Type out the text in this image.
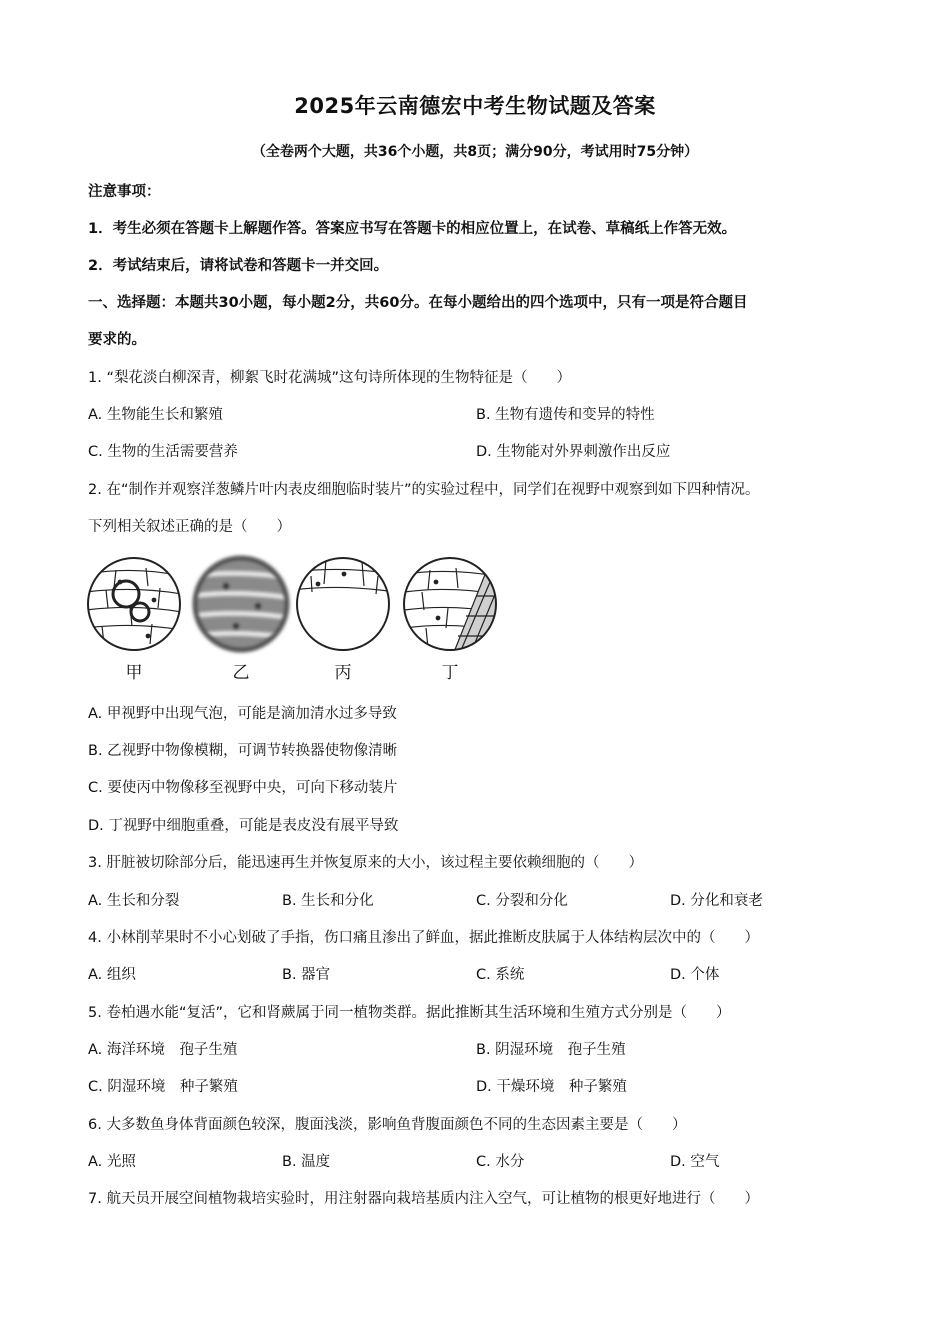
2025年云南德宏中考生物试题及答案
（全卷两个大题，共36个小题，共8页；满分90分，考试用时75分钟）
注意事项：
1．考生必须在答题卡上解题作答。答案应书写在答题卡的相应位置上，在试卷、草稿纸上作答无效。
2．考试结束后，请将试卷和答题卡一并交回。
一、选择题：本题共30小题，每小题2分，共60分。在每小题给出的四个选项中，只有一项是符合题目
要求的。
1. “梨花淡白柳深青，柳絮飞时花满城”这句诗所体现的生物特征是（　　）
A. 生物能生长和繁殖	B. 生物有遗传和变异的特性
C. 生物的生活需要营养	D. 生物能对外界刺激作出反应
2. 在“制作并观察洋葱鳞片叶内表皮细胞临时装片”的实验过程中，同学们在视野中观察到如下四种情况。
下列相关叙述正确的是（　　）
甲	乙	丙	丁
A. 甲视野中出现气泡，可能是滴加清水过多导致
B. 乙视野中物像模糊，可调节转换器使物像清晰
C. 要使丙中物像移至视野中央，可向下移动装片
D. 丁视野中细胞重叠，可能是表皮没有展平导致
3. 肝脏被切除部分后，能迅速再生并恢复原来的大小，该过程主要依赖细胞的（　　）
A. 生长和分裂	B. 生长和分化	C. 分裂和分化	D. 分化和衰老
4. 小林削苹果时不小心划破了手指，伤口痛且渗出了鲜血，据此推断皮肤属于人体结构层次中的（　　）
A. 组织	B. 器官	C. 系统	D. 个体
5. 卷柏遇水能“复活”，它和肾蕨属于同一植物类群。据此推断其生活环境和生殖方式分别是（　　）
A. 海洋环境　孢子生殖	B. 阴湿环境　孢子生殖
C. 阴湿环境　种子繁殖	D. 干燥环境　种子繁殖
6. 大多数鱼身体背面颜色较深，腹面浅淡，影响鱼背腹面颜色不同的生态因素主要是（　　）
A. 光照	B. 温度	C. 水分	D. 空气
7. 航天员开展空间植物栽培实验时，用注射器向栽培基质内注入空气，可让植物的根更好地进行（　　）
